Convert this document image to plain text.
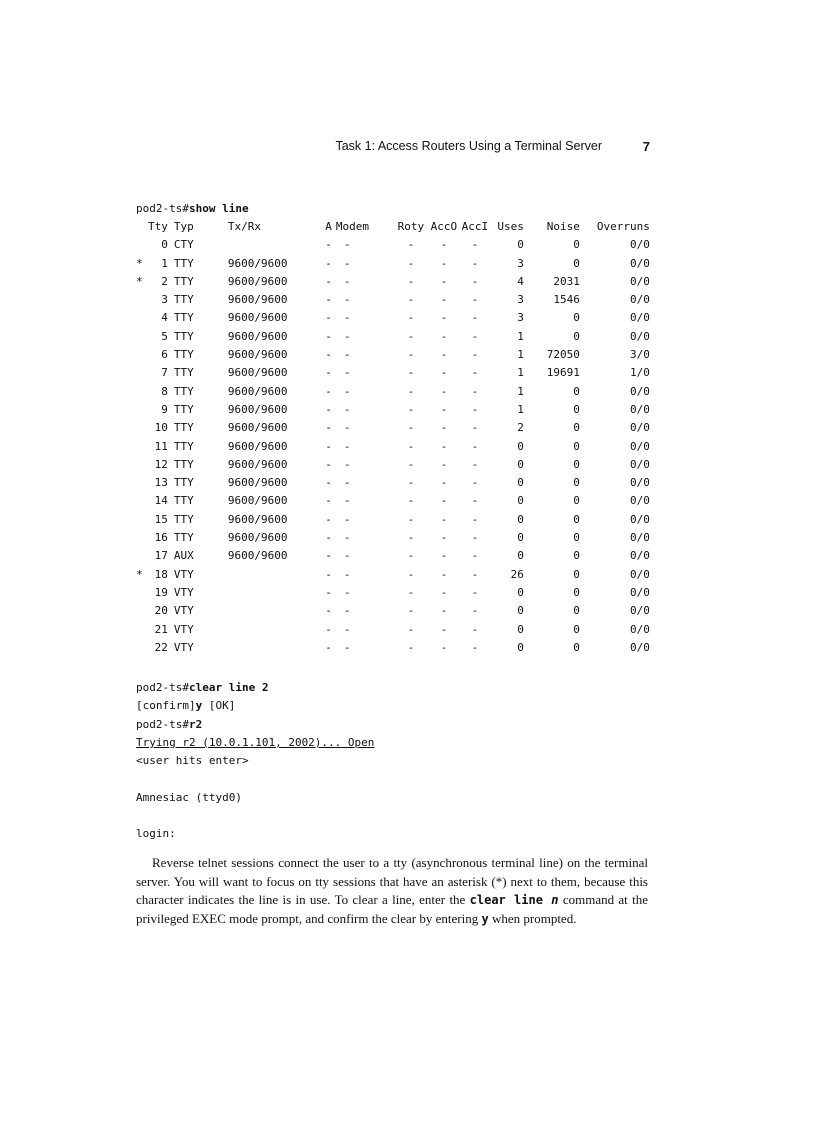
Task 1: Access Routers Using a Terminal Server	7
pod2-ts#show line
	Tty	Typ	Tx/Rx	A	Modem	Roty	AccO	AccI	Uses	Noise	Overruns
	0	CTY		-	-	-	-	-	0	0	0/0
*	1	TTY	9600/9600	-	-	-	-	-	3	0	0/0
*	2	TTY	9600/9600	-	-	-	-	-	4	2031	0/0
	3	TTY	9600/9600	-	-	-	-	-	3	1546	0/0
	4	TTY	9600/9600	-	-	-	-	-	3	0	0/0
	5	TTY	9600/9600	-	-	-	-	-	1	0	0/0
	6	TTY	9600/9600	-	-	-	-	-	1	72050	3/0
	7	TTY	9600/9600	-	-	-	-	-	1	19691	1/0
	8	TTY	9600/9600	-	-	-	-	-	1	0	0/0
	9	TTY	9600/9600	-	-	-	-	-	1	0	0/0
	10	TTY	9600/9600	-	-	-	-	-	2	0	0/0
	11	TTY	9600/9600	-	-	-	-	-	0	0	0/0
	12	TTY	9600/9600	-	-	-	-	-	0	0	0/0
	13	TTY	9600/9600	-	-	-	-	-	0	0	0/0
	14	TTY	9600/9600	-	-	-	-	-	0	0	0/0
	15	TTY	9600/9600	-	-	-	-	-	0	0	0/0
	16	TTY	9600/9600	-	-	-	-	-	0	0	0/0
	17	AUX	9600/9600	-	-	-	-	-	0	0	0/0
*	18	VTY		-	-	-	-	-	26	0	0/0
	19	VTY		-	-	-	-	-	0	0	0/0
	20	VTY		-	-	-	-	-	0	0	0/0
	21	VTY		-	-	-	-	-	0	0	0/0
	22	VTY		-	-	-	-	-	0	0	0/0
pod2-ts#clear line 2
[confirm]y [OK]
pod2-ts#r2
Trying r2 (10.0.1.101, 2002)... Open
<user hits enter>

Amnesiac (ttyd0)

login:
Reverse telnet sessions connect the user to a tty (asynchronous terminal line) on the terminal server. You will want to focus on tty sessions that have an asterisk (*) next to them, because this character indicates the line is in use. To clear a line, enter the clear line n command at the privileged EXEC mode prompt, and confirm the clear by entering y when prompted.
